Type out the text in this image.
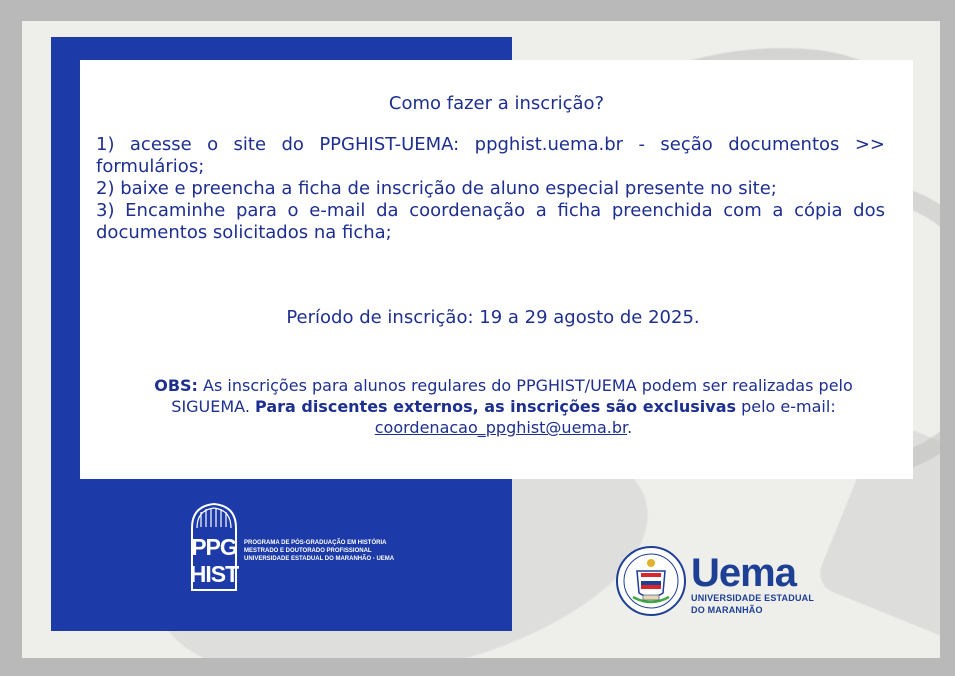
Como fazer a inscrição?

1) acesse o site do PPGHIST-UEMA: ppghist.uema.br - seção documentos >> formulários;

2) baixe e preencha a ficha de inscrição de aluno especial presente no site;

3) Encaminhe para o e-mail da coordenação a ficha preenchida com a cópia dos documentos solicitados na ficha;

Período de inscrição: 19 a 29 agosto de 2025.
OBS: As inscrições para alunos regulares do PPGHIST/UEMA podem ser realizadas pelo SIGUEMA. Para discentes externos, as inscrições são exclusivas pelo e-mail:
coordenacao_ppghist@uema.br.
PPG
HIST
PROGRAMA DE PÓS-GRADUAÇÃO EM HISTÓRIA
MESTRADO E DOUTORADO PROFISSIONAL
UNIVERSIDADE ESTADUAL DO MARANHÃO - UEMA	Uema
UNIVERSIDADE ESTADUAL
DO MARANHÃO
